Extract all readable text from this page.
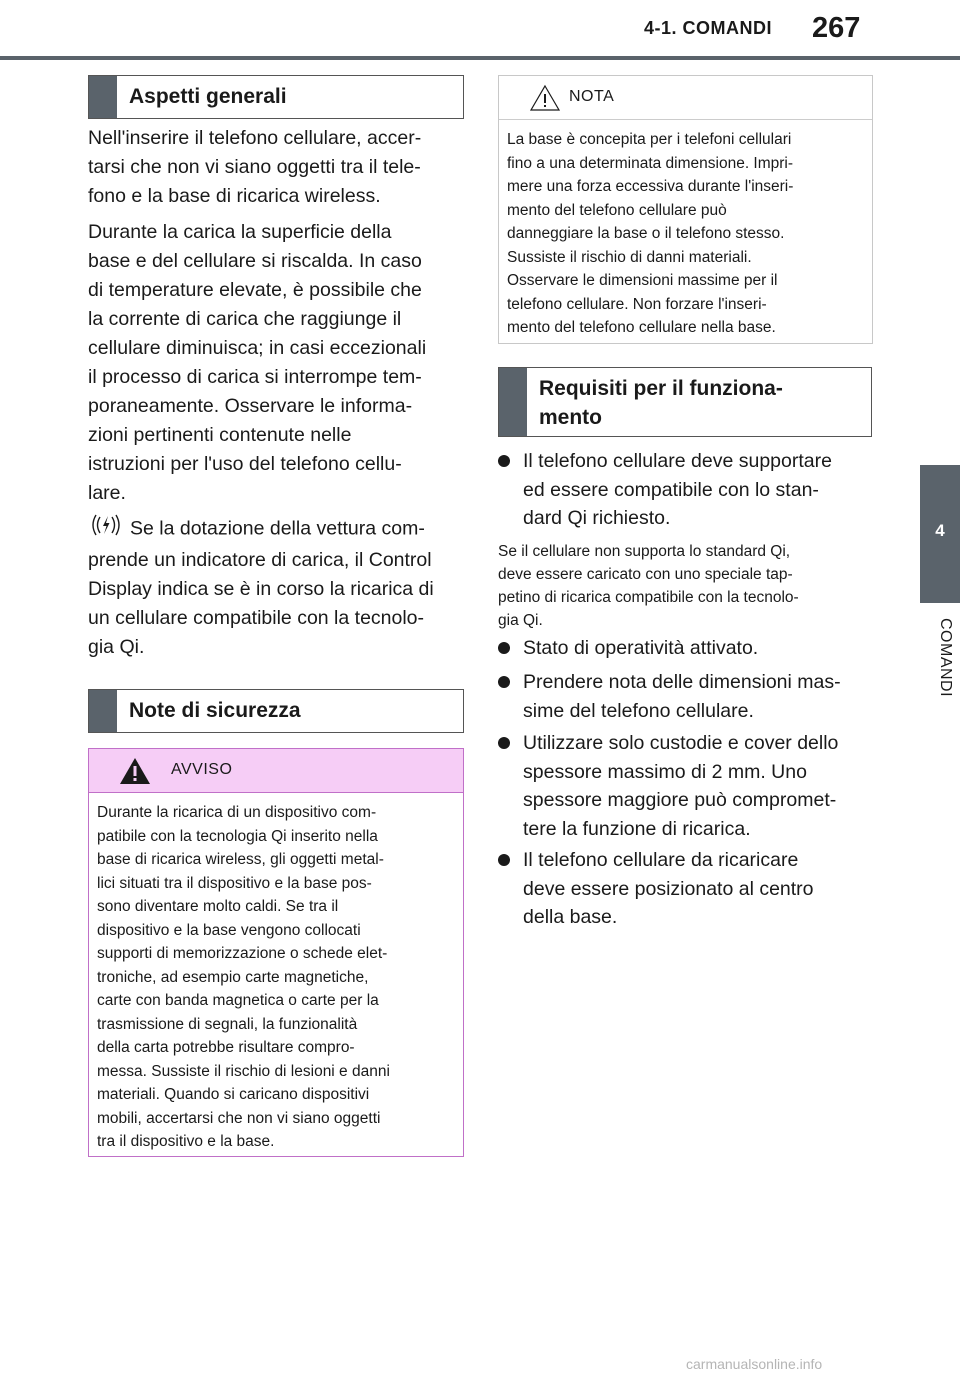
4-1. COMANDI 267
4
COMANDI
Aspetti generali
Nell'inserire il telefono cellulare, accer-
tarsi che non vi siano oggetti tra il tele-
fono e la base di ricarica wireless.
Durante la carica la superficie della
base e del cellulare si riscalda. In caso
di temperature elevate, è possibile che
la corrente di carica che raggiunge il
cellulare diminuisca; in casi eccezionali
il processo di carica si interrompe tem-
poraneamente. Osservare le informa-
zioni pertinenti contenute nelle
istruzioni per l'uso del telefono cellu-
lare.
Se la dotazione della vettura com-
prende un indicatore di carica, il Control
Display indica se è in corso la ricarica di
un cellulare compatibile con la tecnolo-
gia Qi.
Note di sicurezza
AVVISO
Durante la ricarica di un dispositivo com-
patibile con la tecnologia Qi inserito nella
base di ricarica wireless, gli oggetti metal-
lici situati tra il dispositivo e la base pos-
sono diventare molto caldi. Se tra il
dispositivo e la base vengono collocati
supporti di memorizzazione o schede elet-
troniche, ad esempio carte magnetiche,
carte con banda magnetica o carte per la
trasmissione di segnali, la funzionalità
della carta potrebbe risultare compro-
messa. Sussiste il rischio di lesioni e danni
materiali. Quando si caricano dispositivi
mobili, accertarsi che non vi siano oggetti
tra il dispositivo e la base.
NOTA
La base è concepita per i telefoni cellulari
fino a una determinata dimensione. Impri-
mere una forza eccessiva durante l'inseri-
mento del telefono cellulare può
danneggiare la base o il telefono stesso.
Sussiste il rischio di danni materiali.
Osservare le dimensioni massime per il
telefono cellulare. Non forzare l'inseri-
mento del telefono cellulare nella base.
Requisiti per il funziona-
mento
Il telefono cellulare deve supportare
ed essere compatibile con lo stan-
dard Qi richiesto.
Se il cellulare non supporta lo standard Qi,
deve essere caricato con uno speciale tap-
petino di ricarica compatibile con la tecnolo-
gia Qi.
Stato di operatività attivato.
Prendere nota delle dimensioni mas-
sime del telefono cellulare.
Utilizzare solo custodie e cover dello
spessore massimo di 2 mm. Uno
spessore maggiore può compromet-
tere la funzione di ricarica.
Il telefono cellulare da ricaricare
deve essere posizionato al centro
della base.
carmanualsonline.info
